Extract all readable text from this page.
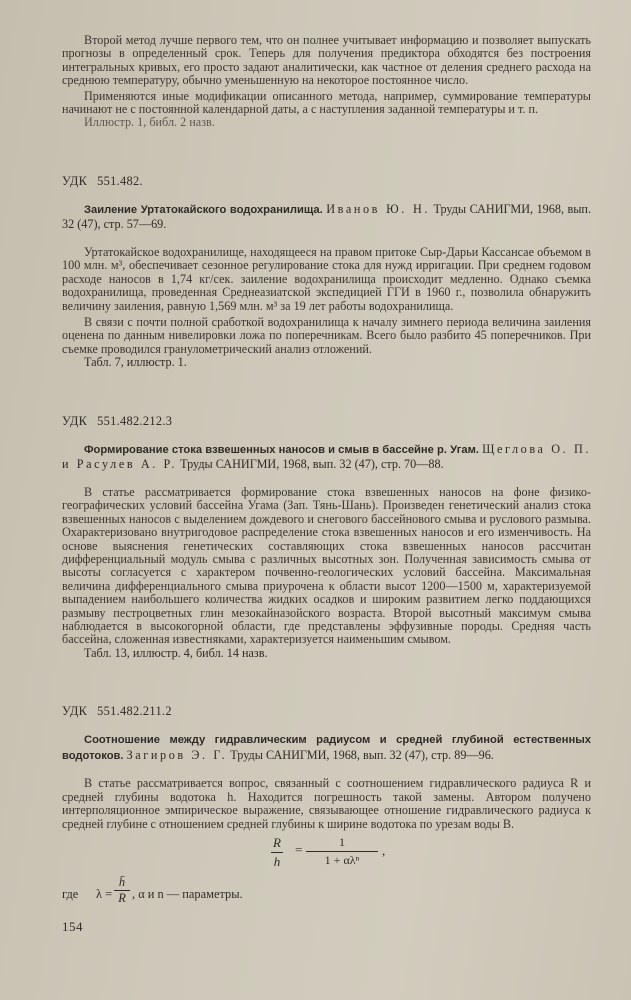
Второй метод лучше первого тем, что он полнее учитывает информацию и позволяет выпускать прогнозы в определенный срок. Теперь для получения предиктора обходятся без построения интегральных кривых, его просто задают аналитически, как частное от деления среднего расхода на среднюю температуру, обычно уменьшенную на некоторое постоянное число.

Применяются иные модификации описанного метода, например, суммирование температуры начинают не с постоянной календарной даты, а с наступления заданной температуры и т. п.

Иллюстр. 1, библ. 2 назв.

УДК 551.482.

Заиление Уртатокайского водохранилища. Иванов Ю. Н. Труды САНИГМИ, 1968, вып. 32 (47), стр. 57—69.

Уртатокайское водохранилище, находящееся на правом притоке Сыр-Дарьи Кассансае объемом в 100 млн. м³, обеспечивает сезонное регулирование стока для нужд ирригации. При среднем годовом расходе наносов в 1,74 кг/сек. заиление водохранилища происходит медленно. Однако съемка водохранилища, проведенная Среднеазиатской экспедицией ГГИ в 1960 г., позволила обнаружить величину заиления, равную 1,569 млн. м³ за 19 лет работы водохранилища.

В связи с почти полной сработкой водохранилища к началу зимнего периода величина заиления оценена по данным нивелировки ложа по поперечникам. Всего было разбито 45 поперечников. При съемке проводился гранулометрический анализ отложений.

Табл. 7, иллюстр. 1.

УДК 551.482.212.3

Формирование стока взвешенных наносов и смыв в бассейне р. Угам. Щеглова О. П. и Расулев А. Р. Труды САНИГМИ, 1968, вып. 32 (47), стр. 70—88.

В статье рассматривается формирование стока взвешенных наносов на фоне физико-географических условий бассейна Угама (Зап. Тянь-Шань). Произведен генетический анализ стока взвешенных наносов с выделением дождевого и снегового бассейнового смыва и руслового размыва. Охарактеризовано внутригодовое распределение стока взвешенных наносов и его изменчивость. На основе выяснения генетических составляющих стока взвешенных наносов рассчитан дифференциальный модуль смыва с различных высотных зон. Полученная зависимость смыва от высоты согласуется с характером почвенно-геологических условий бассейна. Максимальная величина дифференциального смыва приурочена к области высот 1200—1500 м, характеризуемой выпадением наибольшего количества жидких осадков и широким развитием легко поддающихся размыву пестроцветных глин мезокайназойского возраста. Второй высотный максимум смыва наблюдается в высокогорной области, где представлены эффузивные породы. Средняя часть бассейна, сложенная известняками, характеризуется наименьшим смывом.

Табл. 13, иллюстр. 4, библ. 14 назв.

УДК 551.482.211.2

Соотношение между гидравлическим радиусом и средней глубиной естественных водотоков. Загиров Э. Г. Труды САНИГМИ, 1968, вып. 32 (47), стр. 89—96.

В статье рассматривается вопрос, связанный с соотношением гидравлического радиуса R и средней глубины водотока h. Находится погрешность такой замены. Автором получено интерполяционное эмпирическое выражение, связывающее отношение гидравлического радиуса к средней глубине с отношением средней глубины к ширине водотока по урезам воды B.

R
h
=	1
1 + αλⁿ
,
где λ =
h̄
R , α и n — параметры.

154
